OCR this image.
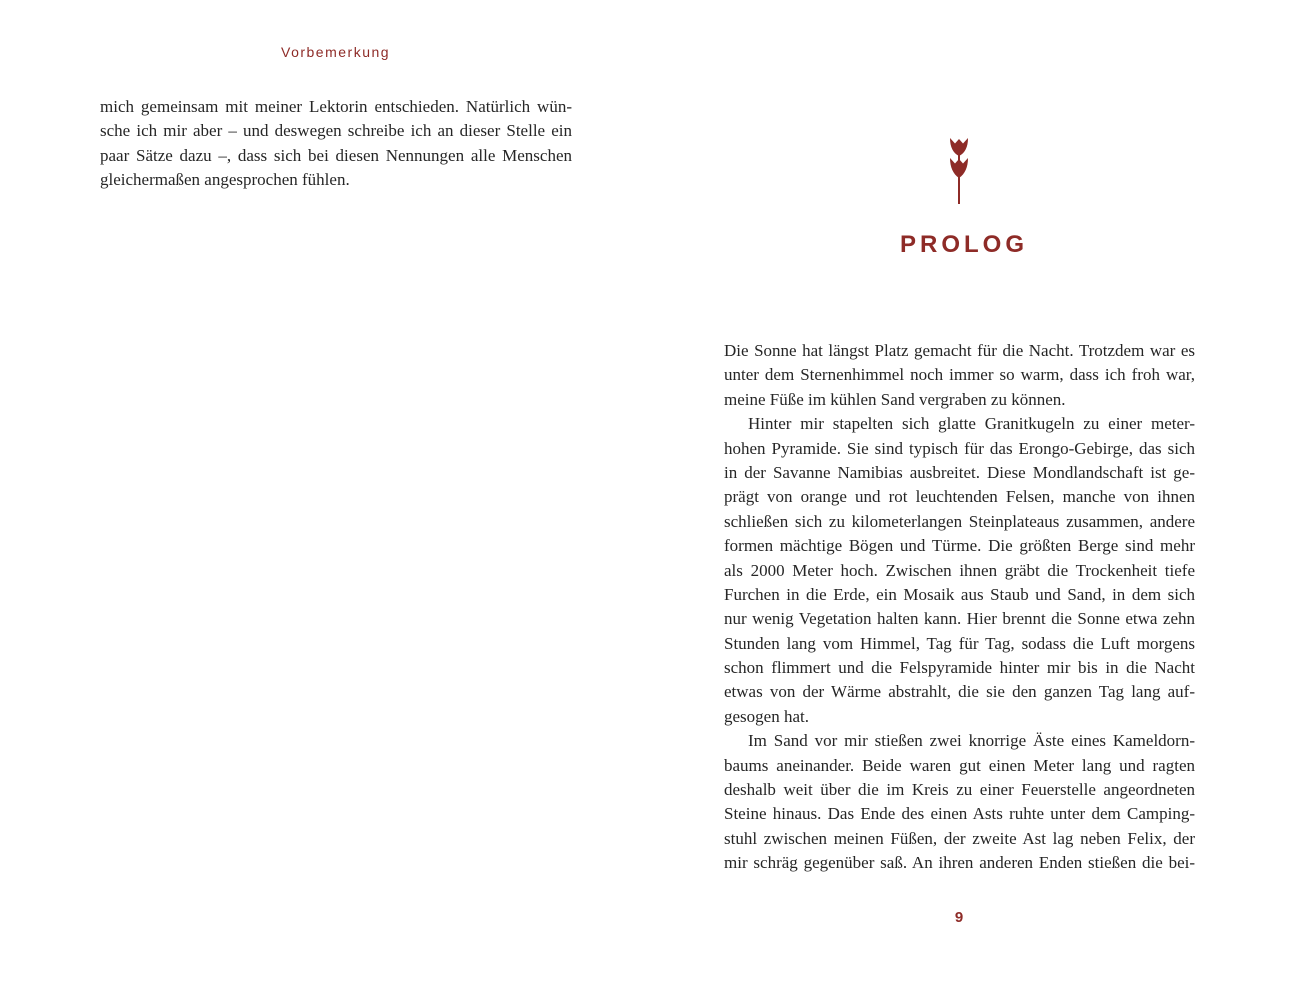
Vorbemerkung
mich gemeinsam mit meiner Lektorin entschieden. Natürlich wün-
sche ich mir aber – und deswegen schreibe ich an dieser Stelle ein
paar Sätze dazu –, dass sich bei diesen Nennungen alle Menschen
gleichermaßen angesprochen fühlen.
PROLOG
Die Sonne hat längst Platz gemacht für die Nacht. Trotzdem war es
unter dem Sternenhimmel noch immer so warm, dass ich froh war,
meine Füße im kühlen Sand vergraben zu können.
Hinter mir stapelten sich glatte Granitkugeln zu einer meter-
hohen Pyramide. Sie sind typisch für das Erongo-Gebirge, das sich
in der Savanne Namibias ausbreitet. Diese Mondlandschaft ist ge-
prägt von orange und rot leuchtenden Felsen, manche von ihnen
schließen sich zu kilometerlangen Steinplateaus zusammen, andere
formen mächtige Bögen und Türme. Die größten Berge sind mehr
als 2000 Meter hoch. Zwischen ihnen gräbt die Trockenheit tiefe
Furchen in die Erde, ein Mosaik aus Staub und Sand, in dem sich
nur wenig Vegetation halten kann. Hier brennt die Sonne etwa zehn
Stunden lang vom Himmel, Tag für Tag, sodass die Luft morgens
schon flimmert und die Felspyramide hinter mir bis in die Nacht
etwas von der Wärme abstrahlt, die sie den ganzen Tag lang auf-
gesogen hat.
Im Sand vor mir stießen zwei knorrige Äste eines Kameldorn-
baums aneinander. Beide waren gut einen Meter lang und ragten
deshalb weit über die im Kreis zu einer Feuerstelle angeordneten
Steine hinaus. Das Ende des einen Asts ruhte unter dem Camping-
stuhl zwischen meinen Füßen, der zweite Ast lag neben Felix, der
mir schräg gegenüber saß. An ihren anderen Enden stießen die bei-
9
